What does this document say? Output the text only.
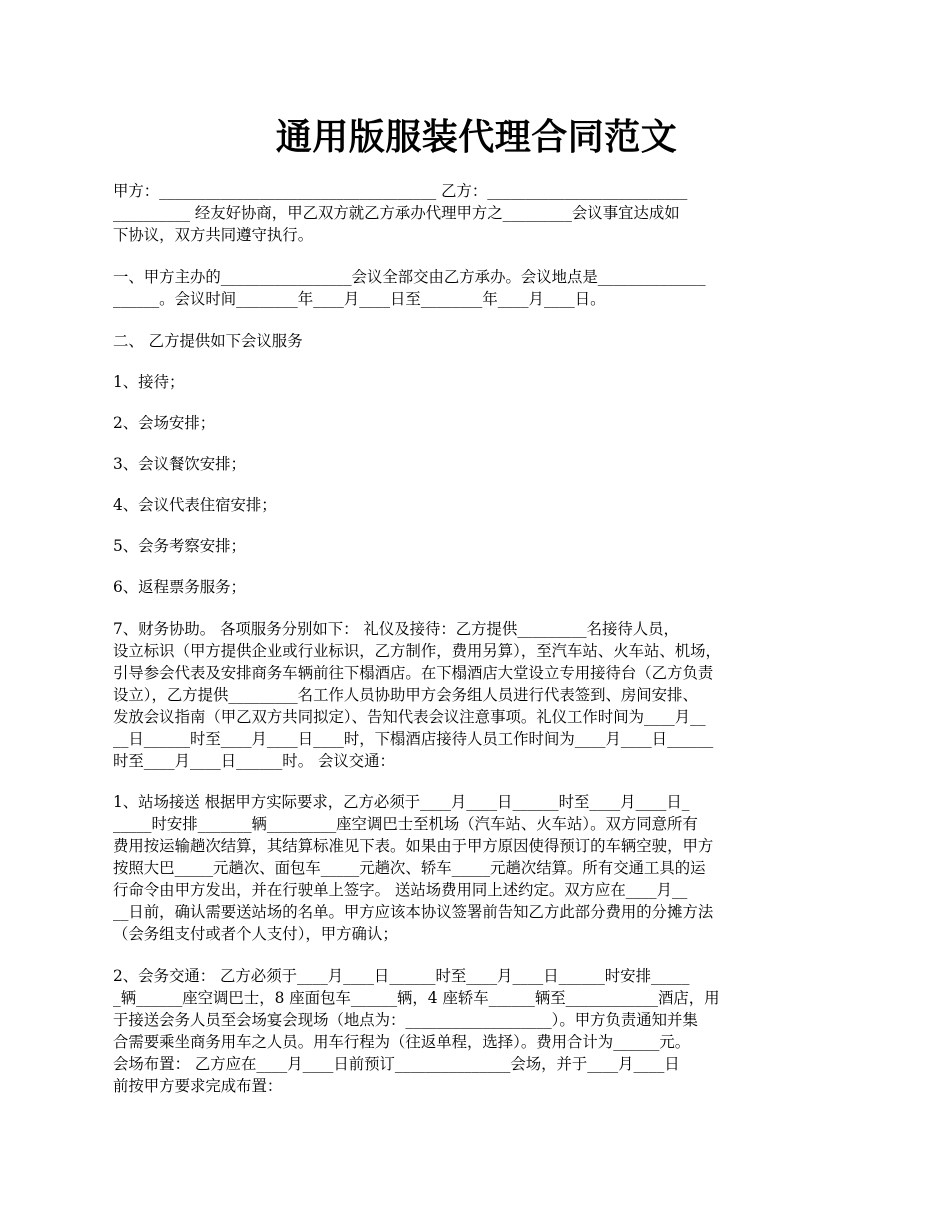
通用版服装代理合同范文
甲方：____________________________________ 乙方：__________________________
__________ 经友好协商，甲乙双方就乙方承办代理甲方之_________会议事宜达成如
下协议，双方共同遵守执行。
一、甲方主办的_________________会议全部交由乙方承办。会议地点是______________
______。会议时间________年____月____日至________年____月____日。
二、 乙方提供如下会议服务
1、接待；
2、会场安排；
3、会议餐饮安排；
4、会议代表住宿安排；
5、会务考察安排；
6、返程票务服务；
7、财务协助。 各项服务分别如下： 礼仪及接待：乙方提供_________名接待人员，
设立标识（甲方提供企业或行业标识，乙方制作，费用另算），至汽车站、火车站、机场，
引导参会代表及安排商务车辆前往下榻酒店。在下榻酒店大堂设立专用接待台（乙方负责
设立），乙方提供_________名工作人员协助甲方会务组人员进行代表签到、房间安排、
发放会议指南（甲乙双方共同拟定）、告知代表会议注意事项。礼仪工作时间为____月__
__日______时至____月____日____时，下榻酒店接待人员工作时间为____月____日______
时至____月____日______时。 会议交通：
1、站场接送 根据甲方实际要求，乙方必须于____月____日______时至____月____日_
_____时安排_______辆_________座空调巴士至机场（汽车站、火车站）。双方同意所有
费用按运输趟次结算，其结算标准见下表。如果由于甲方原因使得预订的车辆空驶，甲方
按照大巴_____元趟次、面包车_____元趟次、轿车_____元趟次结算。所有交通工具的运
行命令由甲方发出，并在行驶单上签字。 送站场费用同上述约定。双方应在____月__
__日前，确认需要送站场的名单。甲方应该本协议签署前告知乙方此部分费用的分摊方法
（会务组支付或者个人支付），甲方确认；
2、会务交通： 乙方必须于____月____日______时至____月____日______时安排_____
_辆______座空调巴士，8 座面包车______辆，4 座轿车______辆至____________酒店，用
于接送会务人员至会场宴会现场（地点为：___________________）。甲方负责通知并集
合需要乘坐商务用车之人员。用车行程为（往返单程，选择）。费用合计为______元。
会场布置： 乙方应在____月____日前预订_______________会场，并于____月____日
前按甲方要求完成布置：
